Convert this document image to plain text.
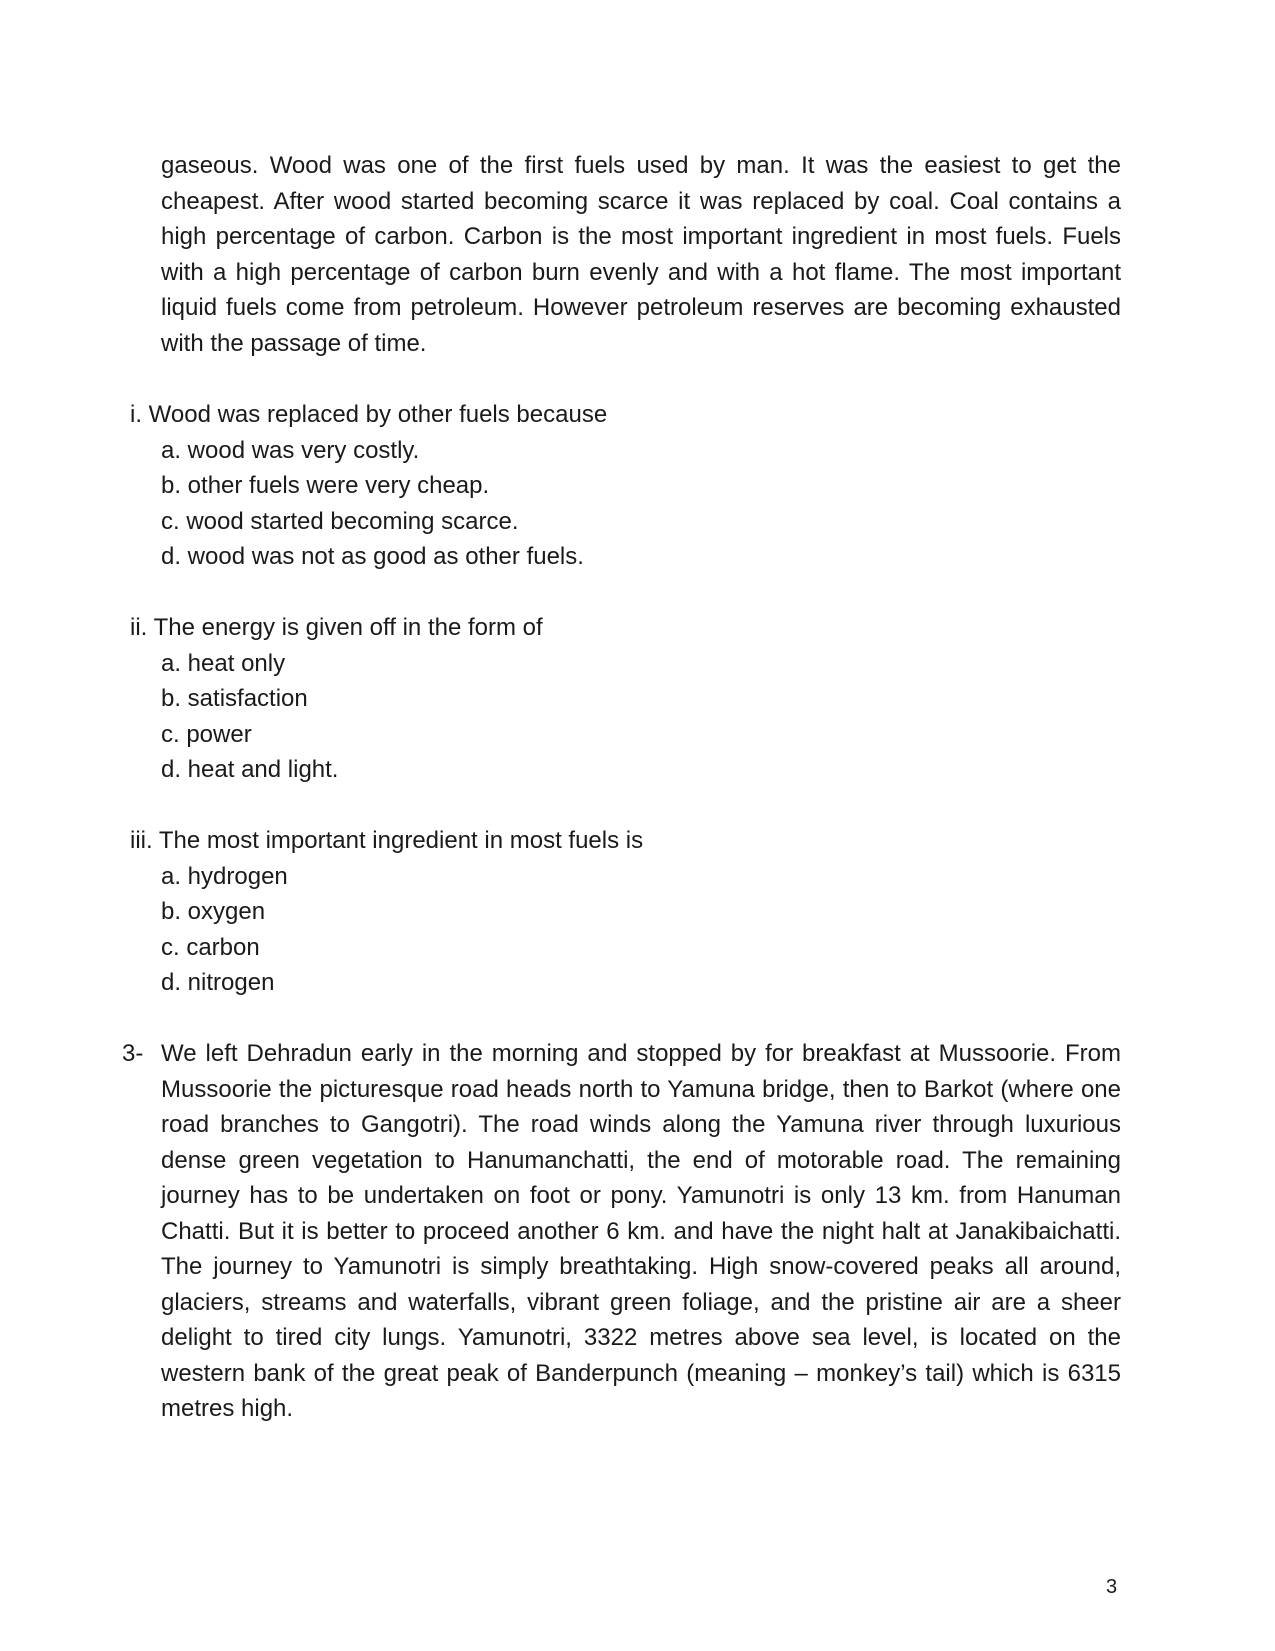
gaseous. Wood was one of the first fuels used by man. It was the easiest to get the cheapest. After wood started becoming scarce it was replaced by coal. Coal contains a high percentage of carbon. Carbon is the most important ingredient in most fuels. Fuels with a high percentage of carbon burn evenly and with a hot flame. The most important liquid fuels come from petroleum. However petroleum reserves are becoming exhausted with the passage of time.
i. Wood was replaced by other fuels because
a. wood was very costly.
b. other fuels were very cheap.
c. wood started becoming scarce.
d. wood was not as good as other fuels.
ii. The energy is given off in the form of
a. heat only
b. satisfaction
c. power
d. heat and light.
iii. The most important ingredient in most fuels is
a. hydrogen
b. oxygen
c. carbon
d. nitrogen
3- We left Dehradun early in the morning and stopped by for breakfast at Mussoorie. From Mussoorie the picturesque road heads north to Yamuna bridge, then to Barkot (where one road branches to Gangotri). The road winds along the Yamuna river through luxurious dense green vegetation to Hanumanchatti, the end of motorable road. The remaining journey has to be undertaken on foot or pony. Yamunotri is only 13 km. from Hanuman Chatti. But it is better to proceed another 6 km. and have the night halt at Janakibaichatti. The journey to Yamunotri is simply breathtaking. High snow-covered peaks all around, glaciers, streams and waterfalls, vibrant green foliage, and the pristine air are a sheer delight to tired city lungs. Yamunotri, 3322 metres above sea level, is located on the western bank of the great peak of Banderpunch (meaning – monkey’s tail) which is 6315 metres high.
3
